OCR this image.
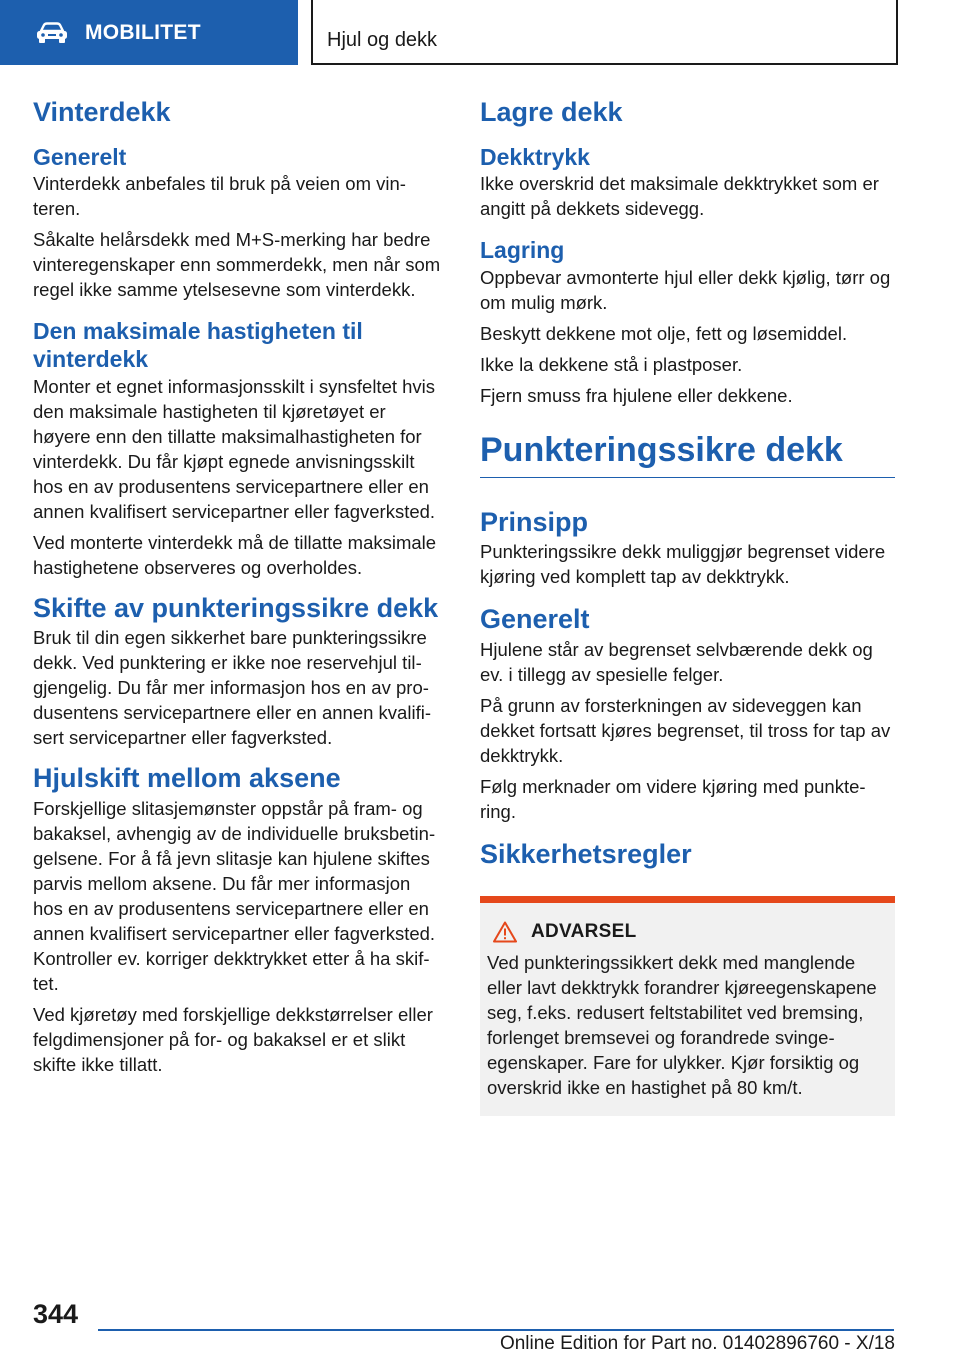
MOBILITET	Hjul og dekk
Vinterdekk
Generelt

Vinterdekk anbefales til bruk på veien om vinteren.

Såkalte helårsdekk med M+S-merking har bedre vinteregenskaper enn sommerdekk, men når som regel ikke samme ytelsesevne som vinterdekk.

Den maksimale hastigheten til vinterdekk

Monter et egnet informasjonsskilt i synsfeltet hvis den maksimale hastigheten til kjøretøyet er høyere enn den tillatte maksimalhastigheten for vinterdekk. Du får kjøpt egnede anvisningsskilt hos en av produsentens servicepartnere eller en annen kvalifisert servicepartner eller fagverksted.

Ved monterte vinterdekk må de tillatte maksimale hastighetene observeres og overholdes.

Skifte av punkteringssikre dekk

Bruk til din egen sikkerhet bare punkteringssikre dekk. Ved punktering er ikke noe reservehjul tilgjengelig. Du får mer informasjon hos en av produsentens servicepartnere eller en annen kvalifisert servicepartner eller fagverksted.

Hjulskift mellom aksene

Forskjellige slitasjemønster oppstår på fram- og bakaksel, avhengig av de individuelle bruksbetingelsene. For å få jevn slitasje kan hjulene skiftes parvis mellom aksene. Du får mer informasjon hos en av produsentens servicepartnere eller en annen kvalifisert servicepartner eller fagverksted. Kontroller ev. korriger dekktrykket etter å ha skiftet.

Ved kjøretøy med forskjellige dekkstørrelser eller felgdimensjoner på for- og bakaksel er et slikt skifte ikke tillatt.

Lagre dekk
Dekktrykk

Ikke overskrid det maksimale dekktrykket som er angitt på dekkets sidevegg.

Lagring

Oppbevar avmonterte hjul eller dekk kjølig, tørr og om mulig mørk.

Beskytt dekkene mot olje, fett og løsemiddel.

Ikke la dekkene stå i plastposer.

Fjern smuss fra hjulene eller dekkene.

Punkteringssikre dekk
Prinsipp

Punkteringssikre dekk muliggjør begrenset videre kjøring ved komplett tap av dekktrykk.

Generelt

Hjulene står av begrenset selvbærende dekk og ev. i tillegg av spesielle felger.

På grunn av forsterkningen av sideveggen kan dekket fortsatt kjøres begrenset, til tross for tap av dekktrykk.

Følg merknader om videre kjøring med punktering.

Sikkerhetsregler
ADVARSEL

Ved punkteringssikkert dekk med manglende eller lavt dekktrykk forandrer kjøreegenskapene seg, f.eks. redusert feltstabilitet ved bremsing, forlenget bremsevei og forandrede svingeegenskaper. Fare for ulykker. Kjør forsiktig og overskrid ikke en hastighet på 80 km/t.

344
Online Edition for Part no. 01402896760 - X/18
